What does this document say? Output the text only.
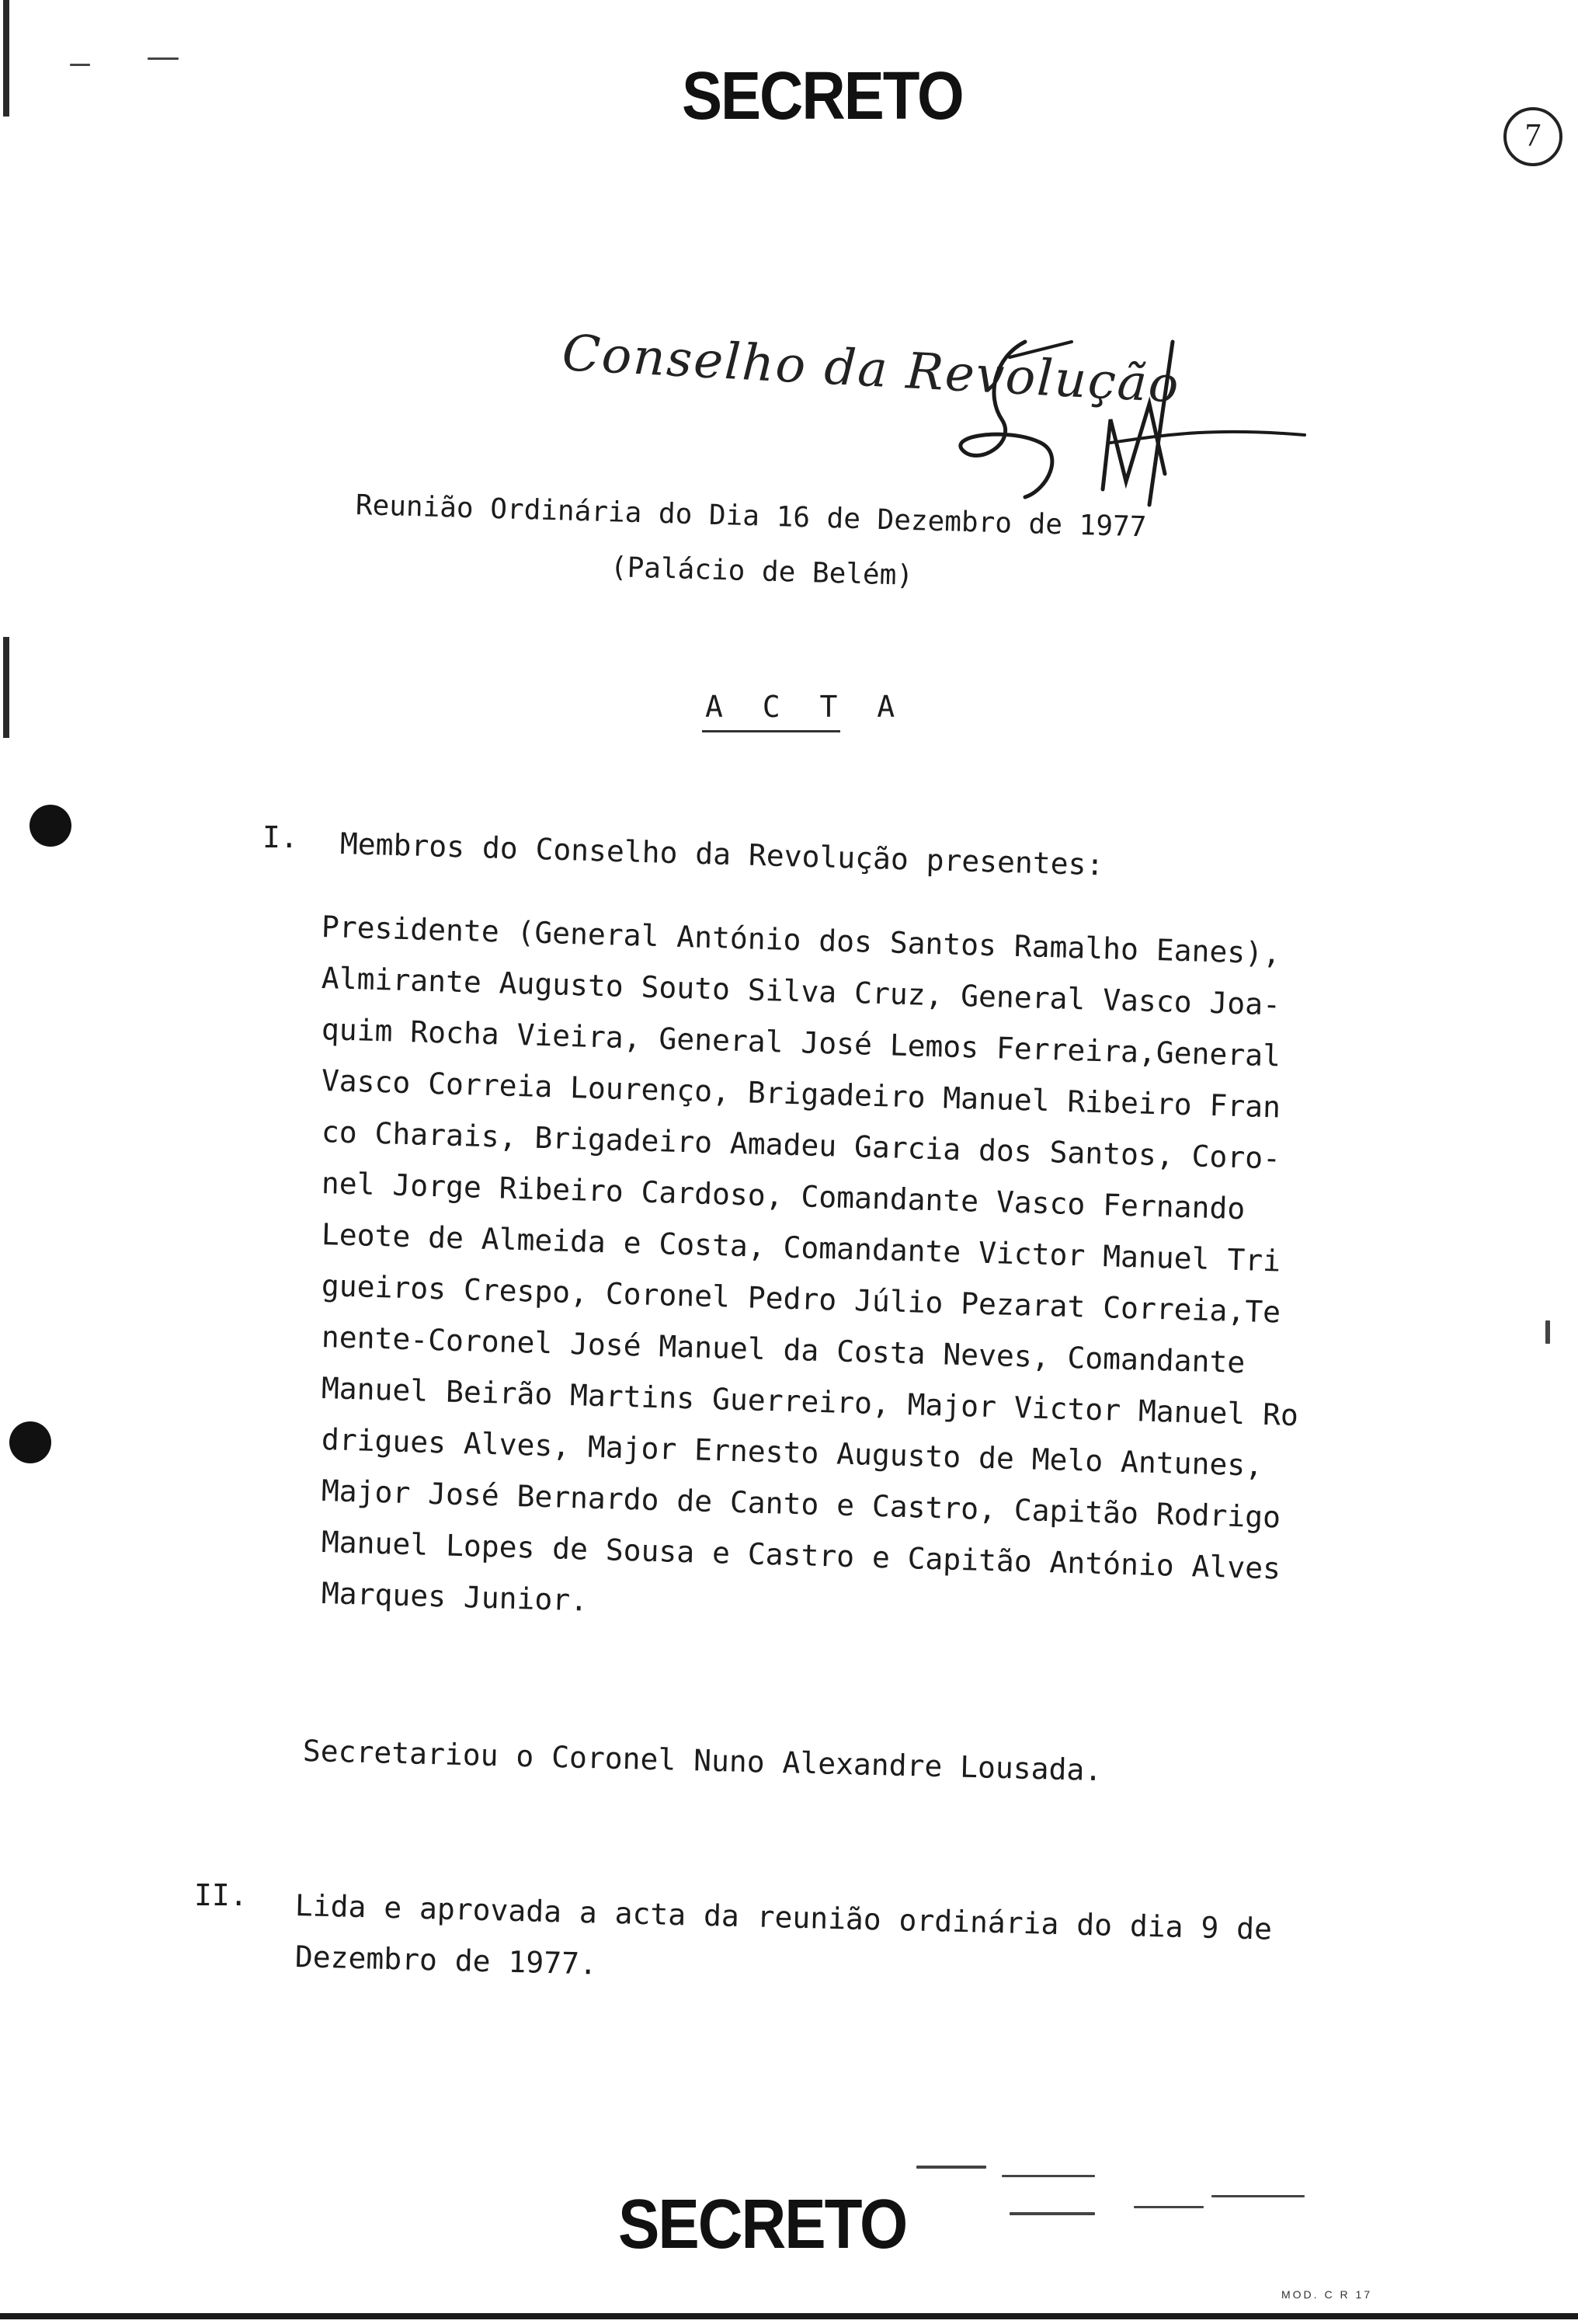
SECRETO
7
Conselho da Revolução
Reunião Ordinária do Dia 16 de Dezembro de 1977
(Palácio de Belém)
A C T A
I. Membros do Conselho da Revolução presentes:
Presidente (General António dos Santos Ramalho Eanes),
Almirante Augusto Souto Silva Cruz, General Vasco Joa-
quim Rocha Vieira, General José Lemos Ferreira,General
Vasco Correia Lourenço, Brigadeiro Manuel Ribeiro Fran
co Charais, Brigadeiro Amadeu Garcia dos Santos, Coro-
nel Jorge Ribeiro Cardoso, Comandante Vasco Fernando
Leote de Almeida e Costa, Comandante Victor Manuel Tri
gueiros Crespo, Coronel Pedro Júlio Pezarat Correia,Te
nente-Coronel José Manuel da Costa Neves, Comandante
Manuel Beirão Martins Guerreiro, Major Victor Manuel Ro
drigues Alves, Major Ernesto Augusto de Melo Antunes,
Major José Bernardo de Canto e Castro, Capitão Rodrigo
Manuel Lopes de Sousa e Castro e Capitão António Alves
Marques Junior.
Secretariou o Coronel Nuno Alexandre Lousada.
II. Lida e aprovada a acta da reunião ordinária do dia 9 de
Dezembro de 1977.
SECRETO
MOD. C R 17
